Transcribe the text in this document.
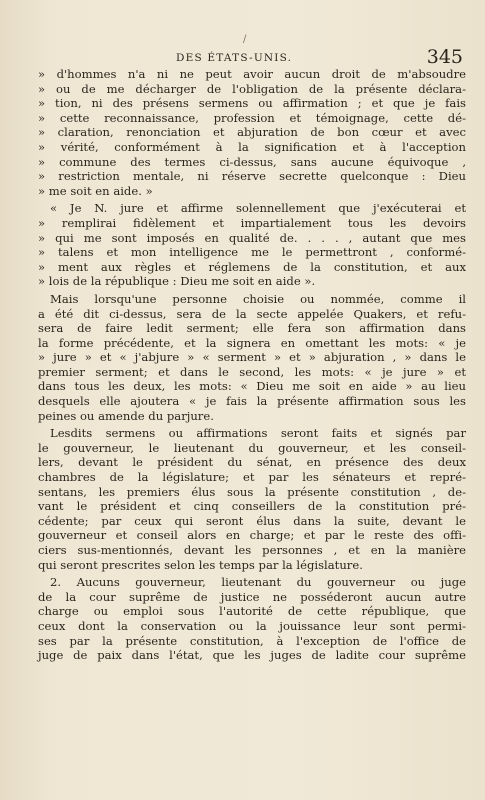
/
DES ÉTATS-UNIS.	345
» d'hommes n'a ni ne peut avoir aucun droit de m'absoudre
» ou de me décharger de l'obligation de la présente déclara-
» tion, ni des présens sermens ou affirmation ; et que je fais
» cette reconnaissance, profession et témoignage, cette dé-
» claration, renonciation et abjuration de bon cœur et avec
» vérité, conformément à la signification et à l'acception
» commune des termes ci-dessus, sans aucune équivoque ,
» restriction mentale, ni réserve secrette quelconque : Dieu
» me soit en aide. »
« Je N. jure et affirme solennellement que j'exécuterai et
» remplirai fidèlement et impartialement tous les devoirs
» qui me sont imposés en qualité de. . . . , autant que mes
» talens et mon intelligence me le permettront , conformé-
» ment aux règles et réglemens de la constitution, et aux
» lois de la république : Dieu me soit en aide ».
Mais lorsqu'une personne choisie ou nommée, comme il
a été dit ci-dessus, sera de la secte appelée Quakers, et refu-
sera de faire ledit serment; elle fera son affirmation dans
la forme précédente, et la signera en omettant les mots: « je
» jure » et « j'abjure » « serment » et » abjuration , » dans le
premier serment; et dans le second, les mots: « je jure » et
dans tous les deux, les mots: « Dieu me soit en aide » au lieu
desquels elle ajoutera « je fais la présente affirmation sous les
peines ou amende du parjure.
Lesdits sermens ou affirmations seront faits et signés par
le gouverneur, le lieutenant du gouverneur, et les conseil-
lers, devant le président du sénat, en présence des deux
chambres de la législature; et par les sénateurs et repré-
sentans, les premiers élus sous la présente constitution , de-
vant le président et cinq conseillers de la constitution pré-
cédente; par ceux qui seront élus dans la suite, devant le
gouverneur et conseil alors en charge; et par le reste des offi-
ciers sus-mentionnés, devant les personnes , et en la manière
qui seront prescrites selon les temps par la législature.
2. Aucuns gouverneur, lieutenant du gouverneur ou juge
de la cour suprême de justice ne posséderont aucun autre
charge ou emploi sous l'autorité de cette république, que
ceux dont la conservation ou la jouissance leur sont permi-
ses par la présente constitution, à l'exception de l'office de
juge de paix dans l'état, que les juges de ladite cour suprême
